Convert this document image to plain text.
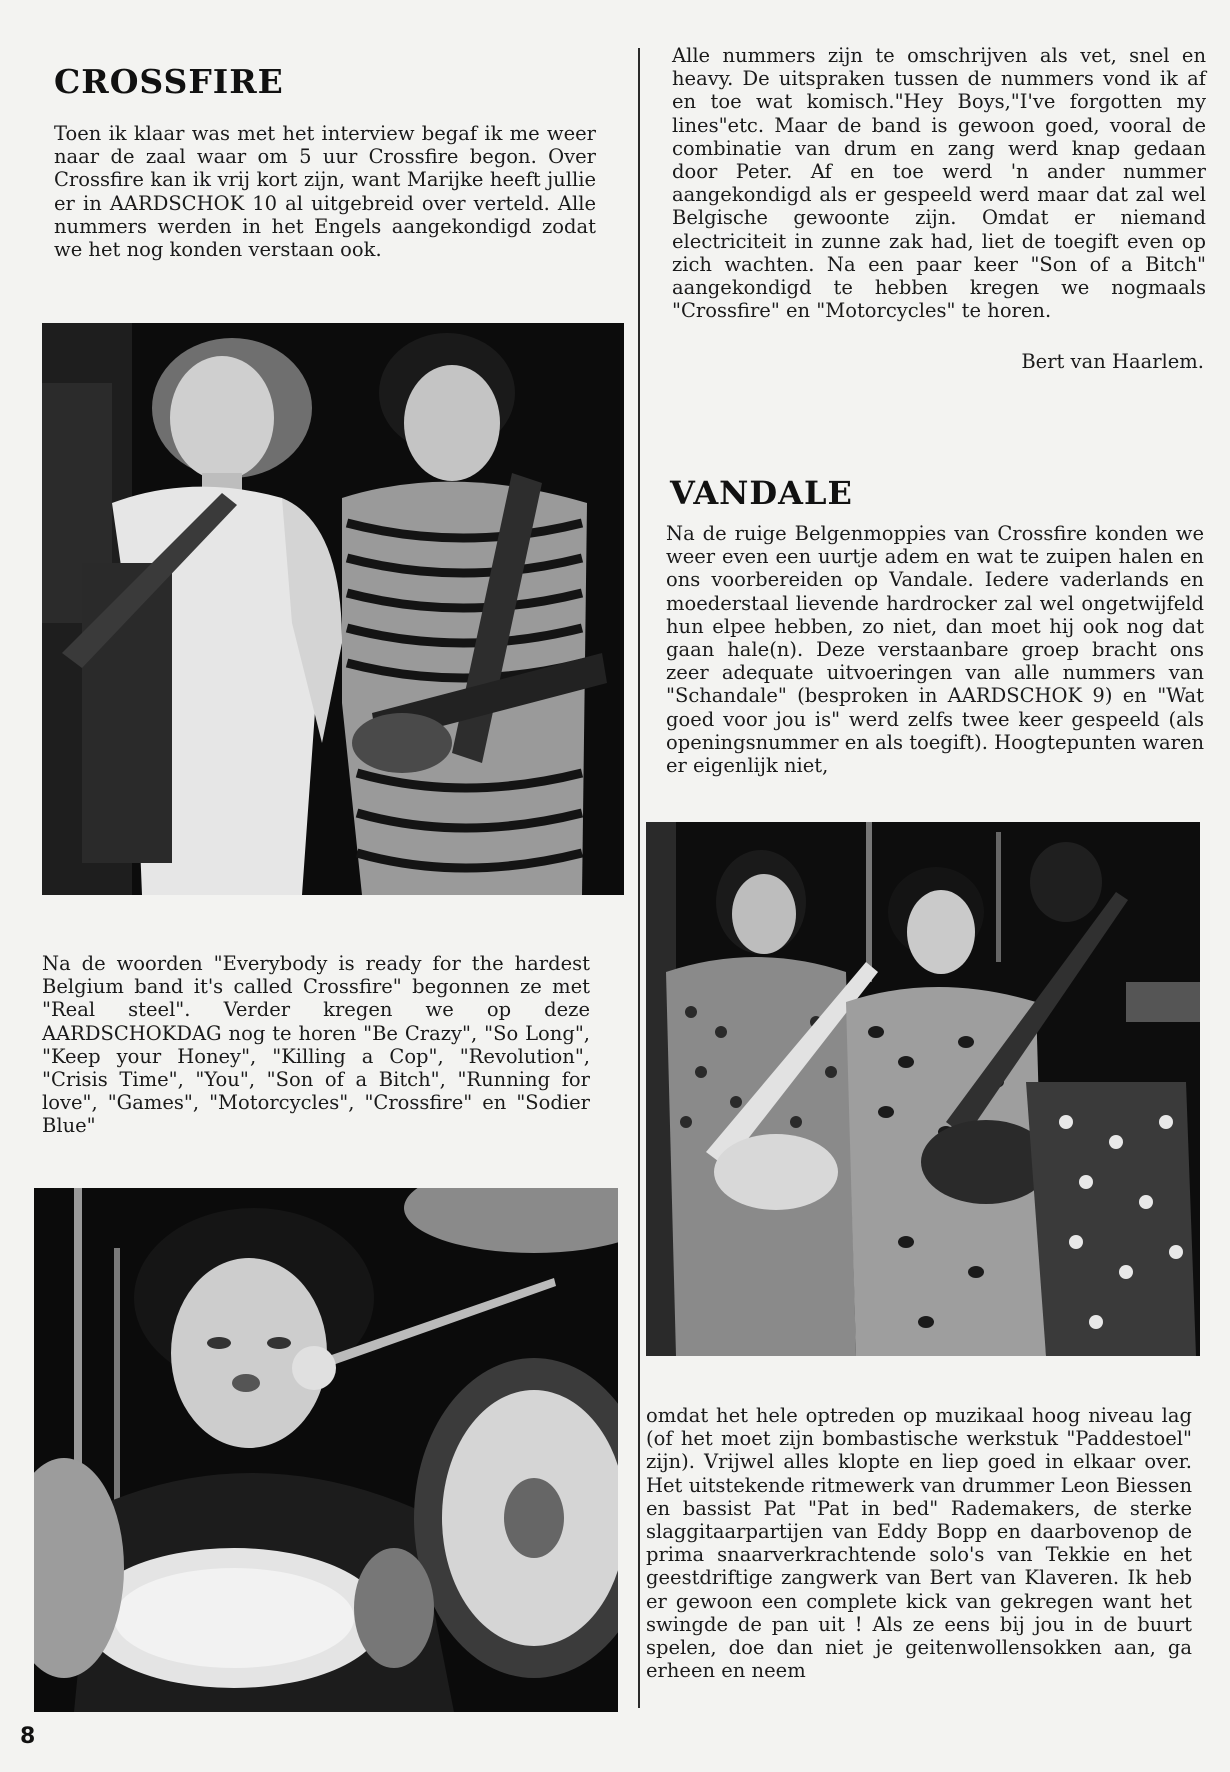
CROSSFIRE

Toen ik klaar was met het interview begaf ik me weer naar de zaal waar om 5 uur Crossfire begon. Over Crossfire kan ik vrij kort zijn, want Marijke heeft jullie er in AARDSCHOK 10 al uitgebreid over verteld. Alle nummers werden in het Engels aangekondigd zodat we het nog konden verstaan ook.

Na de woorden "Everybody is ready for the hardest Belgium band it's called Crossfire" begonnen ze met "Real steel". Verder kregen we op deze AARDSCHOKDAG nog te horen "Be Crazy", "So Long", "Keep your Honey", "Killing a Cop", "Revolution", "Crisis Time", "You", "Son of a Bitch", "Running for love", "Games", "Motorcycles", "Crossfire" en "Sodier Blue"

8

Alle nummers zijn te omschrijven als vet, snel en heavy. De uitspraken tussen de nummers vond ik af en toe wat komisch."Hey Boys,"I've forgotten my lines"etc. Maar de band is gewoon goed, vooral de combinatie van drum en zang werd knap gedaan door Peter. Af en toe werd 'n ander nummer aangekondigd als er gespeeld werd maar dat zal wel Belgische gewoonte zijn. Omdat er niemand electriciteit in zunne zak had, liet de toegift even op zich wachten. Na een paar keer "Son of a Bitch" aangekondigd te hebben kregen we nogmaals "Crossfire" en "Motorcycles" te horen.

Bert van Haarlem.

VANDALE

Na de ruige Belgenmoppies van Crossfire konden we weer even een uurtje adem en wat te zuipen halen en ons voorbereiden op Vandale. Iedere vaderlands en moederstaal lievende hardrocker zal wel ongetwijfeld hun elpee hebben, zo niet, dan moet hij ook nog dat gaan hale(n). Deze verstaanbare groep bracht ons zeer adequate uitvoeringen van alle nummers van "Schandale" (besproken in AARDSCHOK 9) en "Wat goed voor jou is" werd zelfs twee keer gespeeld (als openingsnummer en als toegift). Hoogtepunten waren er eigenlijk niet,

omdat het hele optreden op muzikaal hoog niveau lag (of het moet zijn bombastische werkstuk "Paddestoel" zijn). Vrijwel alles klopte en liep goed in elkaar over. Het uitstekende ritmewerk van drummer Leon Biessen en bassist Pat "Pat in bed" Rademakers, de sterke slaggitaarpartijen van Eddy Bopp en daarbovenop de prima snaarverkrachtende solo's van Tekkie en het geestdriftige zangwerk van Bert van Klaveren. Ik heb er gewoon een complete kick van gekregen want het swingde de pan uit ! Als ze eens bij jou in de buurt spelen, doe dan niet je geitenwollensokken aan, ga erheen en neem
